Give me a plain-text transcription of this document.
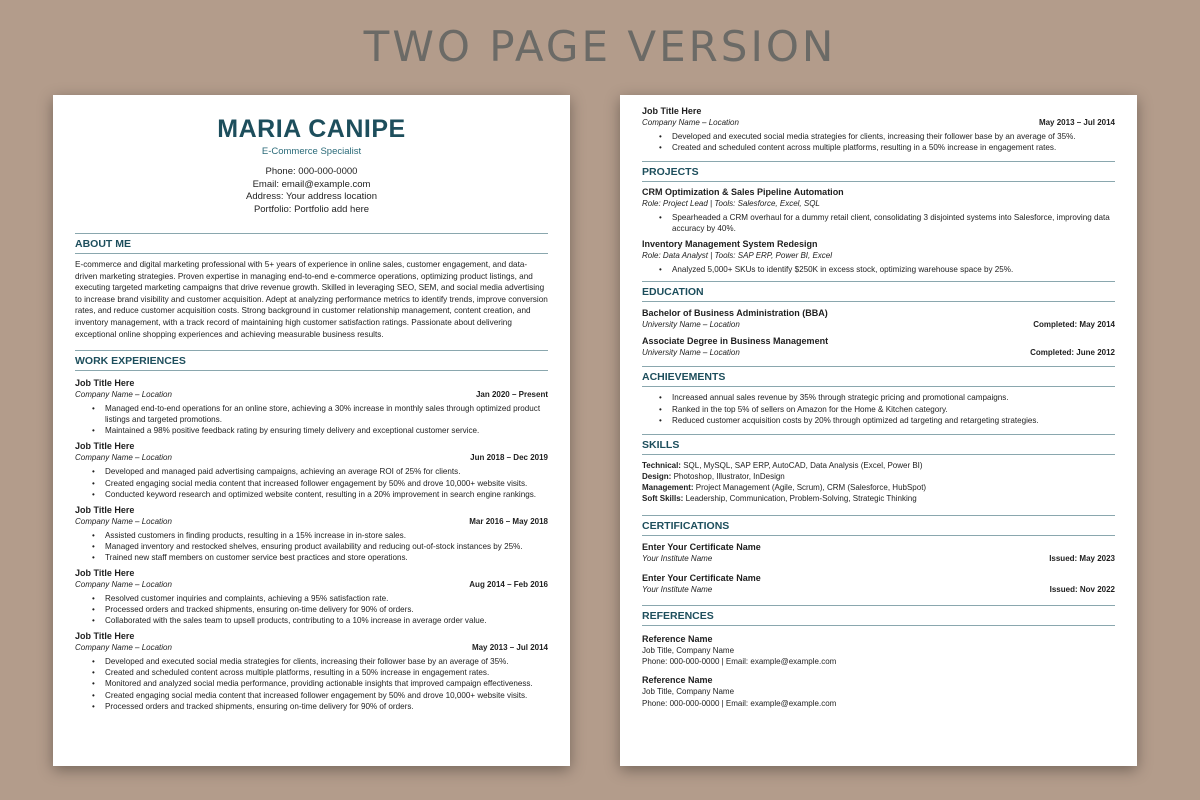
TWO PAGE VERSION
MARIA CANIPE
E-Commerce Specialist
Phone: 000-000-0000
Email: email@example.com
Address: Your address location
Portfolio: Portfolio add here
ABOUT ME
E-commerce and digital marketing professional with 5+ years of experience in online sales, customer engagement, and data-driven marketing strategies. Proven expertise in managing end-to-end e-commerce operations, optimizing product listings, and executing targeted marketing campaigns that drive revenue growth. Skilled in leveraging SEO, SEM, and social media advertising to increase brand visibility and customer acquisition. Adept at analyzing performance metrics to identify trends, improve conversion rates, and reduce customer acquisition costs. Strong background in customer relationship management, content creation, and inventory management, with a track record of maintaining high customer satisfaction ratings. Passionate about delivering exceptional online shopping experiences and achieving measurable business results.
WORK EXPERIENCES
Job Title Here
Company Name – Location	Jan 2020 – Present
• Managed end-to-end operations for an online store, achieving a 30% increase in monthly sales through optimized product listings and targeted promotions.
• Maintained a 98% positive feedback rating by ensuring timely delivery and exceptional customer service.
Job Title Here
Company Name – Location	Jun 2018 – Dec 2019
• Developed and managed paid advertising campaigns, achieving an average ROI of 25% for clients.
• Created engaging social media content that increased follower engagement by 50% and drove 10,000+ website visits.
• Conducted keyword research and optimized website content, resulting in a 20% improvement in search engine rankings.
Job Title Here
Company Name – Location	Mar 2016 – May 2018
• Assisted customers in finding products, resulting in a 15% increase in in-store sales.
• Managed inventory and restocked shelves, ensuring product availability and reducing out-of-stock instances by 25%.
• Trained new staff members on customer service best practices and store operations.
Job Title Here
Company Name – Location	Aug 2014 – Feb 2016
• Resolved customer inquiries and complaints, achieving a 95% satisfaction rate.
• Processed orders and tracked shipments, ensuring on-time delivery for 90% of orders.
• Collaborated with the sales team to upsell products, contributing to a 10% increase in average order value.
Job Title Here
Company Name – Location	May 2013 – Jul 2014
• Developed and executed social media strategies for clients, increasing their follower base by an average of 35%.
• Created and scheduled content across multiple platforms, resulting in a 50% increase in engagement rates.
• Monitored and analyzed social media performance, providing actionable insights that improved campaign effectiveness.
• Created engaging social media content that increased follower engagement by 50% and drove 10,000+ website visits.
• Processed orders and tracked shipments, ensuring on-time delivery for 90% of orders.
Job Title Here
Company Name – Location	May 2013 – Jul 2014
• Developed and executed social media strategies for clients, increasing their follower base by an average of 35%.
• Created and scheduled content across multiple platforms, resulting in a 50% increase in engagement rates.
PROJECTS
CRM Optimization & Sales Pipeline Automation
Role: Project Lead | Tools: Salesforce, Excel, SQL
• Spearheaded a CRM overhaul for a dummy retail client, consolidating 3 disjointed systems into Salesforce, improving data accuracy by 40%.
Inventory Management System Redesign
Role: Data Analyst | Tools: SAP ERP, Power BI, Excel
• Analyzed 5,000+ SKUs to identify $250K in excess stock, optimizing warehouse space by 25%.
EDUCATION
Bachelor of Business Administration (BBA)
University Name – Location	Completed: May 2014
Associate Degree in Business Management
University Name – Location	Completed: June 2012
ACHIEVEMENTS
• Increased annual sales revenue by 35% through strategic pricing and promotional campaigns.
• Ranked in the top 5% of sellers on Amazon for the Home & Kitchen category.
• Reduced customer acquisition costs by 20% through optimized ad targeting and retargeting strategies.
SKILLS
Technical: SQL, MySQL, SAP ERP, AutoCAD, Data Analysis (Excel, Power BI)
Design: Photoshop, Illustrator, InDesign
Management: Project Management (Agile, Scrum), CRM (Salesforce, HubSpot)
Soft Skills: Leadership, Communication, Problem-Solving, Strategic Thinking
CERTIFICATIONS
Enter Your Certificate Name
Your Institute Name	Issued: May 2023
Enter Your Certificate Name
Your Institute Name	Issued: Nov 2022
REFERENCES
Reference Name
Job Title, Company Name
Phone: 000-000-0000 | Email: example@example.com
Reference Name
Job Title, Company Name
Phone: 000-000-0000 | Email: example@example.com
